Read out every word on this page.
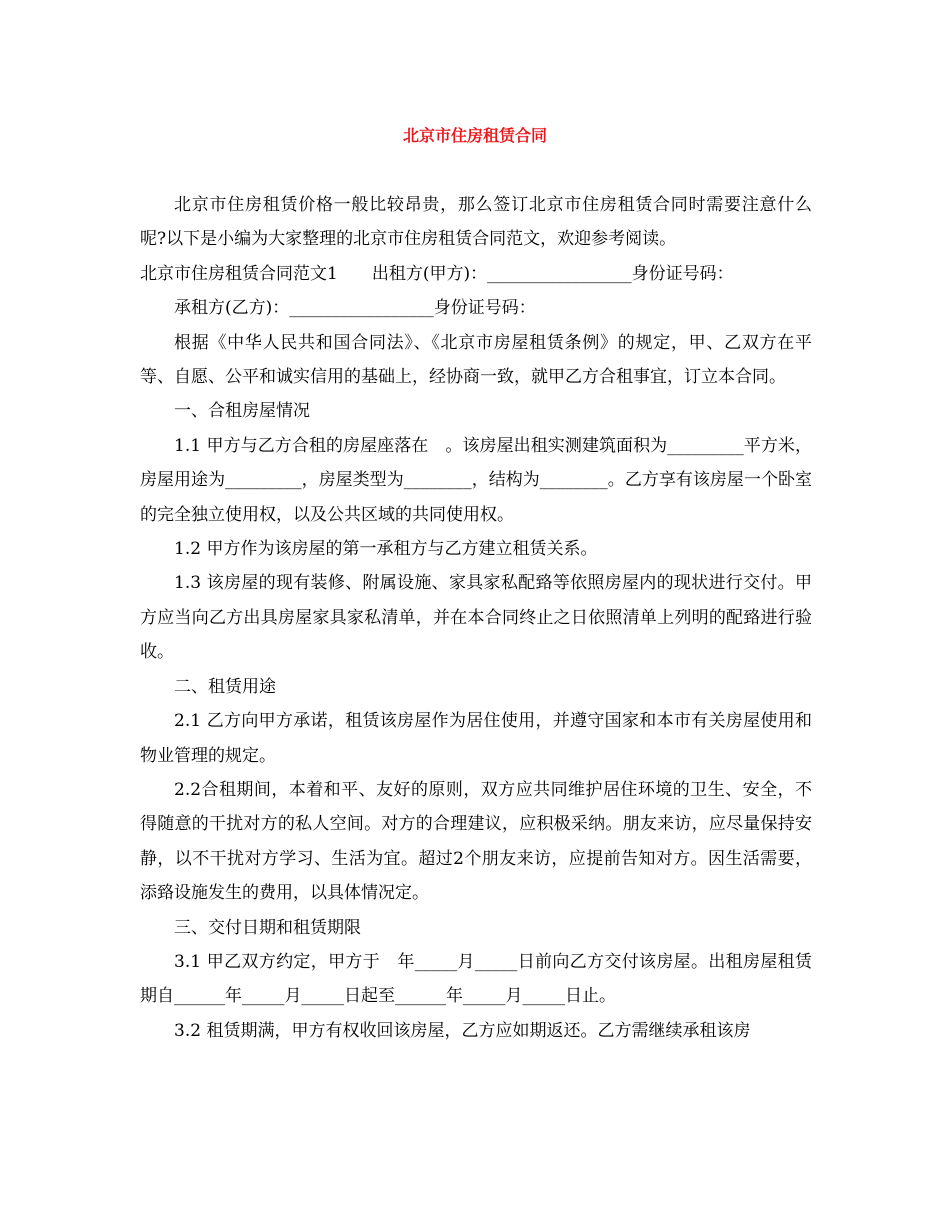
北京市住房租赁合同

北京市住房租赁价格一般比较昂贵，那么签订北京市住房租赁合同时需要注意什么呢?以下是小编为大家整理的北京市住房租赁合同范文，欢迎参考阅读。

北京市住房租赁合同范文1　　出租方(甲方)：_________________身份证号码：

承租方(乙方)：_________________身份证号码：

根据《中华人民共和国合同法》、《北京市房屋租赁条例》的规定，甲、乙双方在平等、自愿、公平和诚实信用的基础上，经协商一致，就甲乙方合租事宜，订立本合同。

一、合租房屋情况

1.1 甲方与乙方合租的房屋座落在　。该房屋出租实测建筑面积为_________平方米，房屋用途为_________，房屋类型为________，结构为________。乙方享有该房屋一个卧室的完全独立使用权，以及公共区域的共同使用权。

1.2 甲方作为该房屋的第一承租方与乙方建立租赁关系。

1.3 该房屋的现有装修、附属设施、家具家私配臵等依照房屋内的现状进行交付。甲方应当向乙方出具房屋家具家私清单，并在本合同终止之日依照清单上列明的配臵进行验收。

二、租赁用途

2.1 乙方向甲方承诺，租赁该房屋作为居住使用，并遵守国家和本市有关房屋使用和物业管理的规定。

2.2合租期间，本着和平、友好的原则，双方应共同维护居住环境的卫生、安全，不得随意的干扰对方的私人空间。对方的合理建议，应积极采纳。朋友来访，应尽量保持安静，以不干扰对方学习、生活为宜。超过2个朋友来访，应提前告知对方。因生活需要，添臵设施发生的费用，以具体情况定。

三、交付日期和租赁期限

3.1 甲乙双方约定，甲方于　年_____月_____日前向乙方交付该房屋。出租房屋租赁期自______年_____月_____日起至______年_____月_____日止。

3.2 租赁期满，甲方有权收回该房屋，乙方应如期返还。乙方需继续承租该房
